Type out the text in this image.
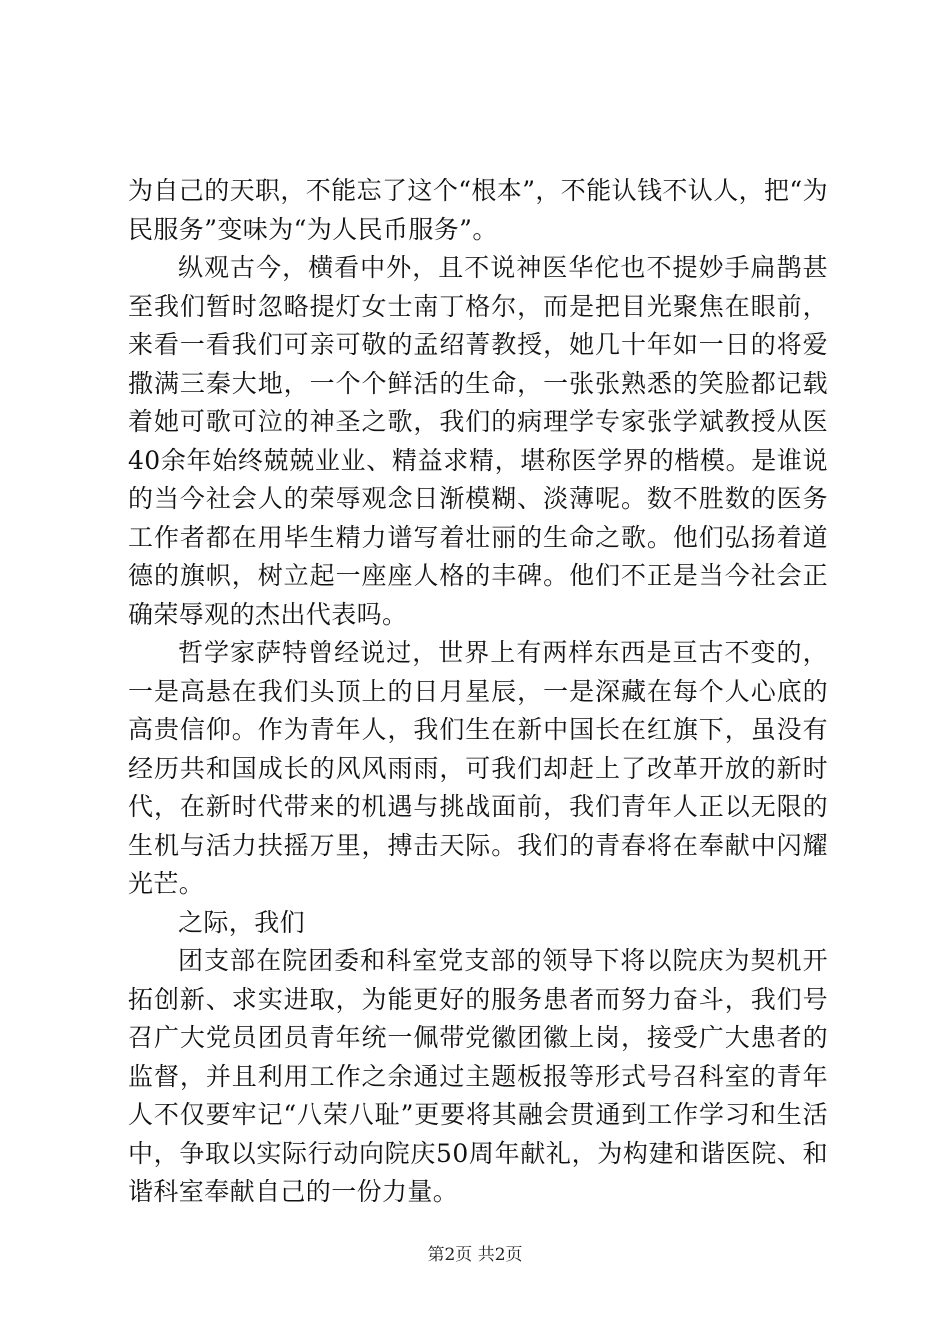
为自己的天职，不能忘了这个“根本”，不能认钱不认人，把“为民服务”变味为“为人民币服务”。

纵观古今，横看中外，且不说神医华佗也不提妙手扁鹊甚至我们暂时忽略提灯女士南丁格尔，而是把目光聚焦在眼前，来看一看我们可亲可敬的孟绍菁教授，她几十年如一日的将爱撒满三秦大地，一个个鲜活的生命，一张张熟悉的笑脸都记载着她可歌可泣的神圣之歌，我们的病理学专家张学斌教授从医40余年始终兢兢业业、精益求精，堪称医学界的楷模。是谁说的当今社会人的荣辱观念日渐模糊、淡薄呢。数不胜数的医务工作者都在用毕生精力谱写着壮丽的生命之歌。他们弘扬着道德的旗帜，树立起一座座人格的丰碑。他们不正是当今社会正确荣辱观的杰出代表吗。

哲学家萨特曾经说过，世界上有两样东西是亘古不变的，一是高悬在我们头顶上的日月星辰，一是深藏在每个人心底的高贵信仰。作为青年人，我们生在新中国长在红旗下，虽没有经历共和国成长的风风雨雨，可我们却赶上了改革开放的新时代，在新时代带来的机遇与挑战面前，我们青年人正以无限的生机与活力扶摇万里，搏击天际。我们的青春将在奉献中闪耀光芒。

之际，我们

团支部在院团委和科室党支部的领导下将以院庆为契机开拓创新、求实进取，为能更好的服务患者而努力奋斗，我们号召广大党员团员青年统一佩带党徽团徽上岗，接受广大患者的监督，并且利用工作之余通过主题板报等形式号召科室的青年人不仅要牢记“八荣八耻”更要将其融会贯通到工作学习和生活中，争取以实际行动向院庆50周年献礼，为构建和谐医院、和谐科室奉献自己的一份力量。

第2页 共2页
